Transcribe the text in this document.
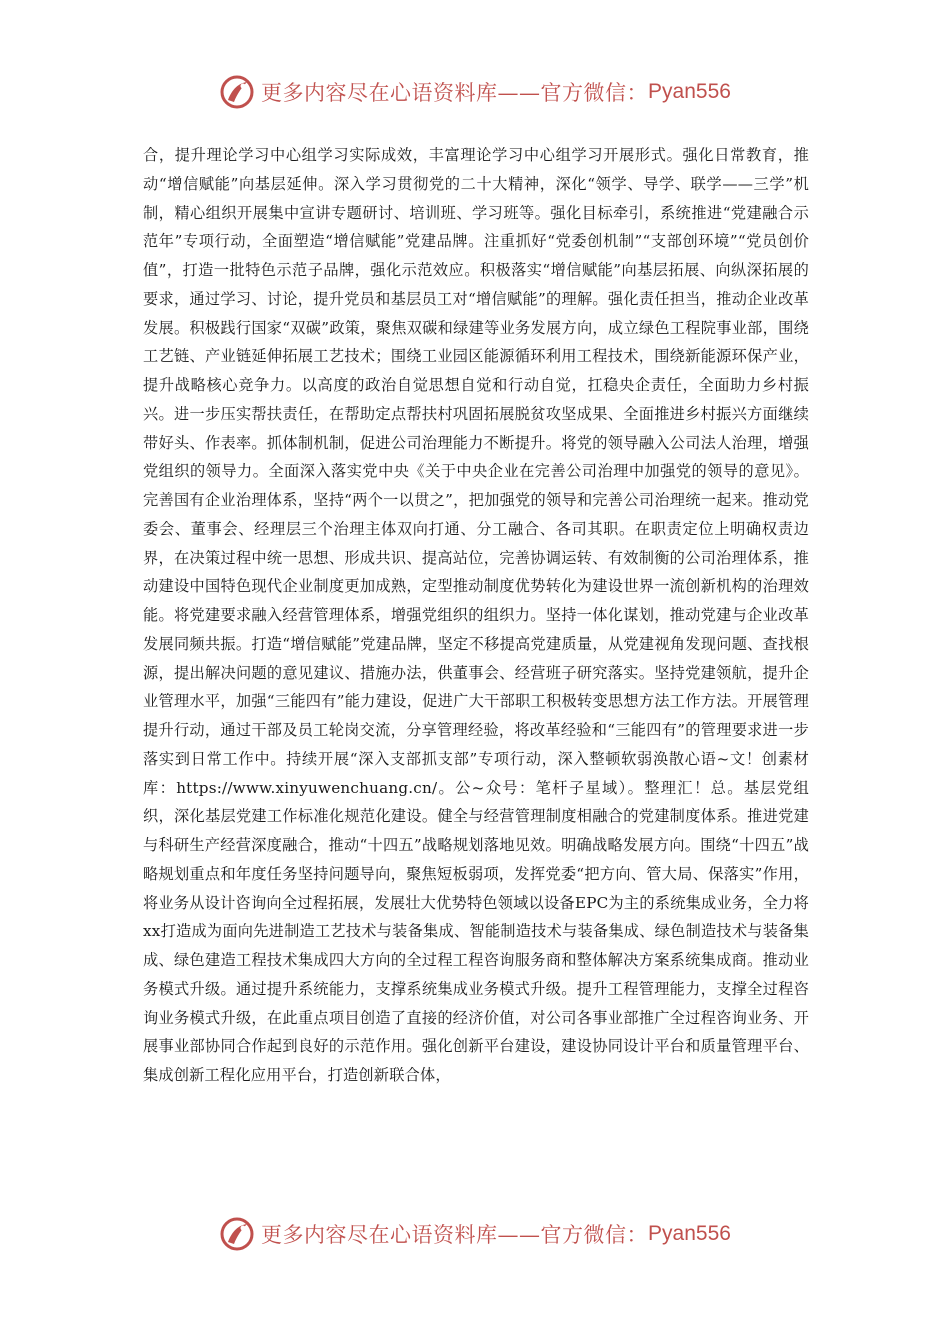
更多内容尽在心语资料库——官方微信： Pyan556

合，提升理论学习中心组学习实际成效，丰富理论学习中心组学习开展形式。强化日常教育，推动“增信赋能”向基层延伸。深入学习贯彻党的二十大精神，深化“领学、导学、联学——三学”机制，精心组织开展集中宣讲专题研讨、培训班、学习班等。强化目标牵引，系统推进“党建融合示范年”专项行动，全面塑造“增信赋能”党建品牌。注重抓好“党委创机制”“支部创环境”“党员创价值”，打造一批特色示范子品牌，强化示范效应。积极落实“增信赋能”向基层拓展、向纵深拓展的要求，通过学习、讨论，提升党员和基层员工对“增信赋能”的理解。强化责任担当，推动企业改革发展。积极践行国家“双碳”政策，聚焦双碳和绿建等业务发展方向，成立绿色工程院事业部，围绕工艺链、产业链延伸拓展工艺技术；围绕工业园区能源循环利用工程技术，围绕新能源环保产业，提升战略核心竞争力。以高度的政治自觉思想自觉和行动自觉，扛稳央企责任，全面助力乡村振兴。进一步压实帮扶责任，在帮助定点帮扶村巩固拓展脱贫攻坚成果、全面推进乡村振兴方面继续带好头、作表率。抓体制机制，促进公司治理能力不断提升。将党的领导融入公司法人治理，增强党组织的领导力。全面深入落实党中央《关于中央企业在完善公司治理中加强党的领导的意见》。完善国有企业治理体系，坚持“两个一以贯之”，把加强党的领导和完善公司治理统一起来。推动党委会、董事会、经理层三个治理主体双向打通、分工融合、各司其职。在职责定位上明确权责边界，在决策过程中统一思想、形成共识、提高站位，完善协调运转、有效制衡的公司治理体系，推动建设中国特色现代企业制度更加成熟，定型推动制度优势转化为建设世界一流创新机构的治理效能。将党建要求融入经营管理体系，增强党组织的组织力。坚持一体化谋划，推动党建与企业改革发展同频共振。打造“增信赋能”党建品牌，坚定不移提高党建质量，从党建视角发现问题、查找根源，提出解决问题的意见建议、措施办法，供董事会、经营班子研究落实。坚持党建领航，提升企业管理水平，加强“三能四有”能力建设，促进广大干部职工积极转变思想方法工作方法。开展管理提升行动，通过干部及员工轮岗交流，分享管理经验，将改革经验和“三能四有”的管理要求进一步落实到日常工作中。持续开展“深入支部抓支部”专项行动，深入整顿软弱涣散心语~文！创素材库：https://www.xinyuwenchuang.cn/。公~众号：笔杆子星域）。整理汇！总。基层党组织，深化基层党建工作标准化规范化建设。健全与经营管理制度相融合的党建制度体系。推进党建与科研生产经营深度融合，推动“十四五”战略规划落地见效。明确战略发展方向。围绕“十四五”战略规划重点和年度任务坚持问题导向，聚焦短板弱项，发挥党委“把方向、管大局、保落实”作用，将业务从设计咨询向全过程拓展，发展壮大优势特色领域以设备EPC为主的系统集成业务，全力将xx打造成为面向先进制造工艺技术与装备集成、智能制造技术与装备集成、绿色制造技术与装备集成、绿色建造工程技术集成四大方向的全过程工程咨询服务商和整体解决方案系统集成商。推动业务模式升级。通过提升系统能力，支撑系统集成业务模式升级。提升工程管理能力，支撑全过程咨询业务模式升级，在此重点项目创造了直接的经济价值，对公司各事业部推广全过程咨询业务、开展事业部协同合作起到良好的示范作用。强化创新平台建设，建设协同设计平台和质量管理平台、集成创新工程化应用平台，打造创新联合体，

更多内容尽在心语资料库——官方微信： Pyan556
